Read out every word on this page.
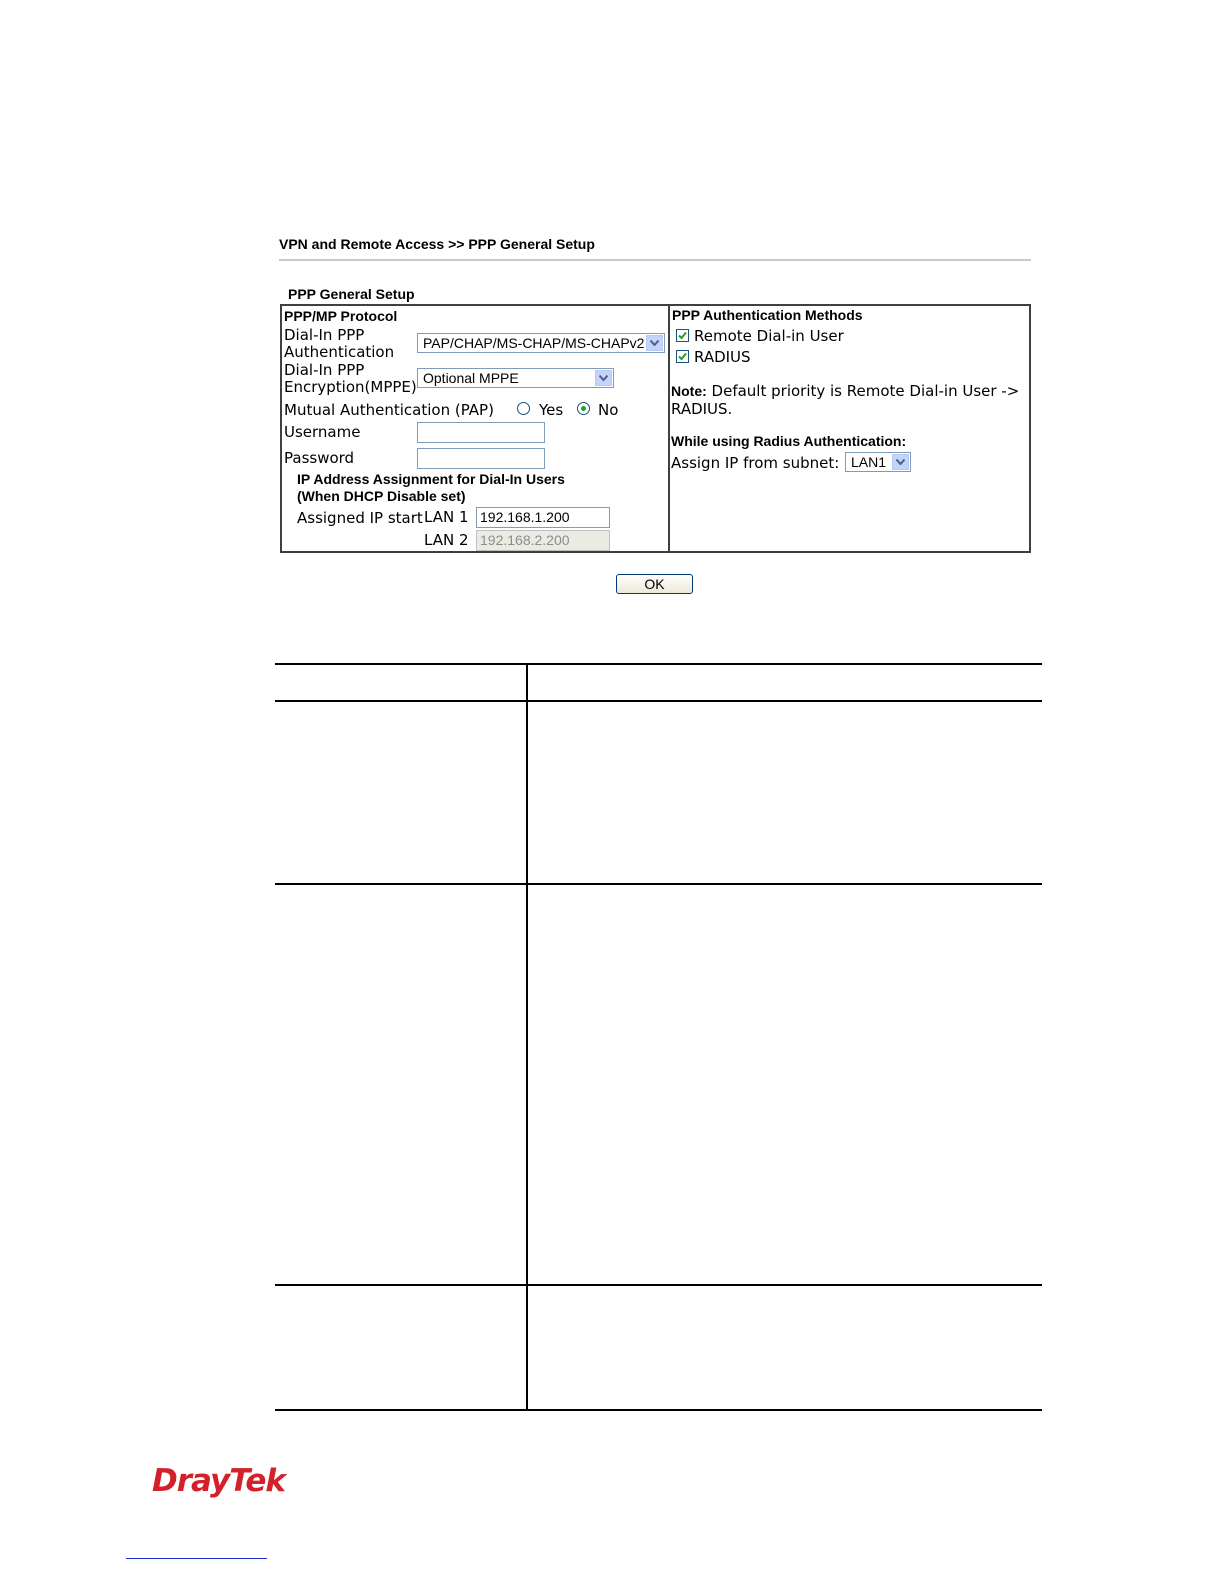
VPN and Remote Access >> PPP General Setup
PPP General Setup
PPP/MP Protocol
Dial-In PPP
Authentication	PAP/CHAP/MS-CHAP/MS-CHAPv2
Dial-In PPP
Encryption(MPPE) Optional MPPE
Mutual Authentication (PAP)	Yes No
Username
Password
IP Address Assignment for Dial-In Users
(When DHCP Disable set)
Assigned IP start LAN 1 192.168.1.200
LAN 2 192.168.2.200
PPP Authentication Methods
Remote Dial-in User
RADIUS
Note: Default priority is Remote Dial-in User ->
RADIUS.
While using Radius Authentication:
Assign IP from subnet: LAN1
OK
DrayTek
